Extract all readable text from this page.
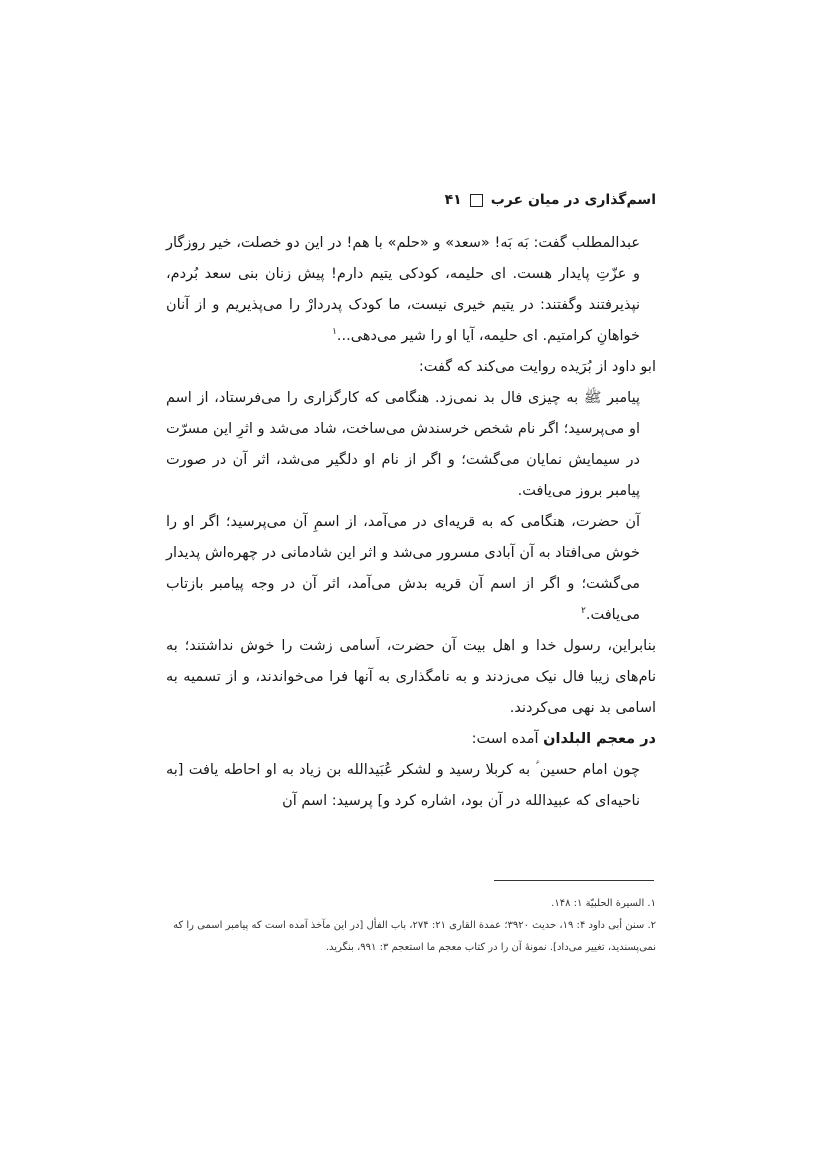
اسم‌گذاری در میان عرب
۴۱

عبدالمطلب گفت: بَه بَه! «سعد» و «حلم» با هم! در این دو خصلت، خیر روزگار و عزّتِ پایدار هست. ای حلیمه، کودکی یتیم دارم! پیش زنان بنی سعد بُردم، نپذیرفتند وگفتند: در یتیم خیری نیست، ما کودک پدردارْ را می‌پذیریم و از آنان خواهانِ کرامتیم. ای حلیمه، آیا او را شیر می‌دهی...$^۱$

ابو داود از بُرَیده روایت می‌کند که گفت:

پیامبر ﷺ به چیزی فال بد نمی‌زد. هنگامی که کارگزاری را می‌فرستاد، از اسم او می‌پرسید؛ اگر نام شخص خرسندش می‌ساخت، شاد می‌شد و اثرِ این مسرّت در سیمایش نمایان می‌گشت؛ و اگر از نام او دلگیر می‌شد، اثر آن در صورت پیامبر بروز می‌یافت.

آن حضرت، هنگامی که به قریه‌ای در می‌آمد، از اسمِ آن می‌پرسید؛ اگر او را خوش می‌افتاد به آن آبادی مسرور می‌شد و اثر این شادمانی در چهره‌اش پدیدار می‌گشت؛ و اگر از اسم آن قریه بدش می‌آمد، اثر آن در وجه پیامبر بازتاب می‌یافت.$^۲$

بنابراین، رسول خدا و اهل بیت آن حضرت، اَسامی زشت را خوش نداشتند؛ به نام‌های زیبا فال نیک می‌زدند و به نامگذاری به آنها فرا می‌خواندند، و از تسمیه به اسامی بد نهی می‌کردند.

در معجم البلدان آمده است:

چون امام حسین ؑ به کربلا رسید و لشکر عُبَیدالله بن زیاد به او احاطه یافت [به ناحیه‌ای که عبیدالله در آن بود، اشاره کرد و] پرسید: اسم آن

۱. السیرة الحلبیّة ۱: ۱۴۸.

۲. سنن أبی داود ۴: ۱۹، حدیث ۳۹۲۰؛ عمدة القاری ۲۱: ۲۷۴، باب الفأل [در این مآخذ آمده است که پیامبر اسمی را که نمی‌پسندید، تغییر می‌داد]. نمونهٔ آن را در کتاب معجم ما استعجم ۳: ۹۹۱، بنگرید.
